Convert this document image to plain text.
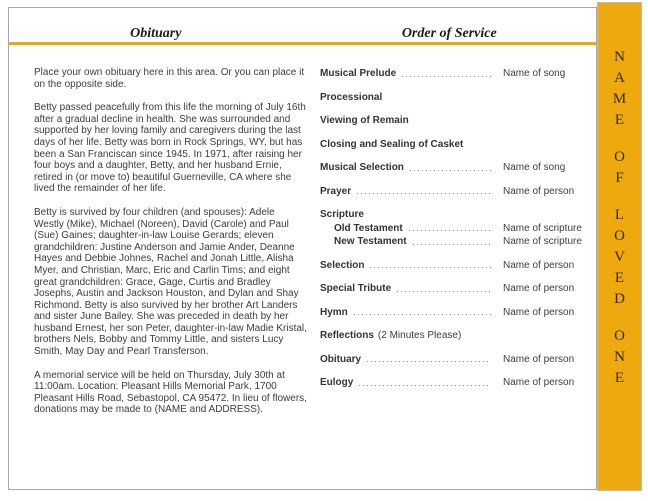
Obituary	Order of Service

Place your own obituary here in this area. Or you can place it on the opposite side.

Betty passed peacefully from this life the morning of July 16th after a gradual decline in health. She was surrounded and supported by her loving family and caregivers during the last days of her life. Betty was born in Rock Springs, WY, but has been a San Franciscan since 1945. In 1971, after raising her four boys and a daughter, Betty, and her husband Ernie, retired in (or move to) beautiful Guerneville, CA where she lived the remainder of her life.

Betty is survived by four children (and spouses): Adele Westly (Mike), Michael (Noreen), David (Carole) and Paul (Sue) Gaines; daughter-in-law Louise Gerards; eleven grandchildren: Justine Anderson and Jamie Ander, Deanne Hayes and Debbie Johnes, Rachel and Jonah Little, Alisha Myer, and Christian, Marc, Eric and Carlin Tims; and eight great grandchildren: Grace, Gage, Curtis and Bradley Josephs, Austin and Jackson Houston, and Dylan and Shay Richmond. Betty is also survived by her brother Art Landers and sister June Bailey. She was preceded in death by her husband Ernest, her son Peter, daughter-in-law Madie Kristal, brothers Nels, Bobby and Tommy Little, and sisters Lucy Smith, May Day and Pearl Transferson.

A memorial service will be held on Thursday, July 30th at 11:00am. Location: Pleasant Hills Memorial Park, 1700 Pleasant Hills Road, Sebastopol, CA 95472. In lieu of flowers, donations may be made to (NAME and ADDRESS).

Musical Prelude	Name of song
Processional
Viewing of Remain
Closing and Sealing of Casket
Musical Selection	Name of song
Prayer	Name of person
Scripture
Old Testament	Name of scripture
New Testament	Name of scripture
Selection	Name of person
Special Tribute	Name of person
Hymn	Name of person
Reflections (2 Minutes Please)
Obituary	Name of person
Eulogy	Name of person
N
A
M
E
O
F
L
O
V
E
D
O
N
E
